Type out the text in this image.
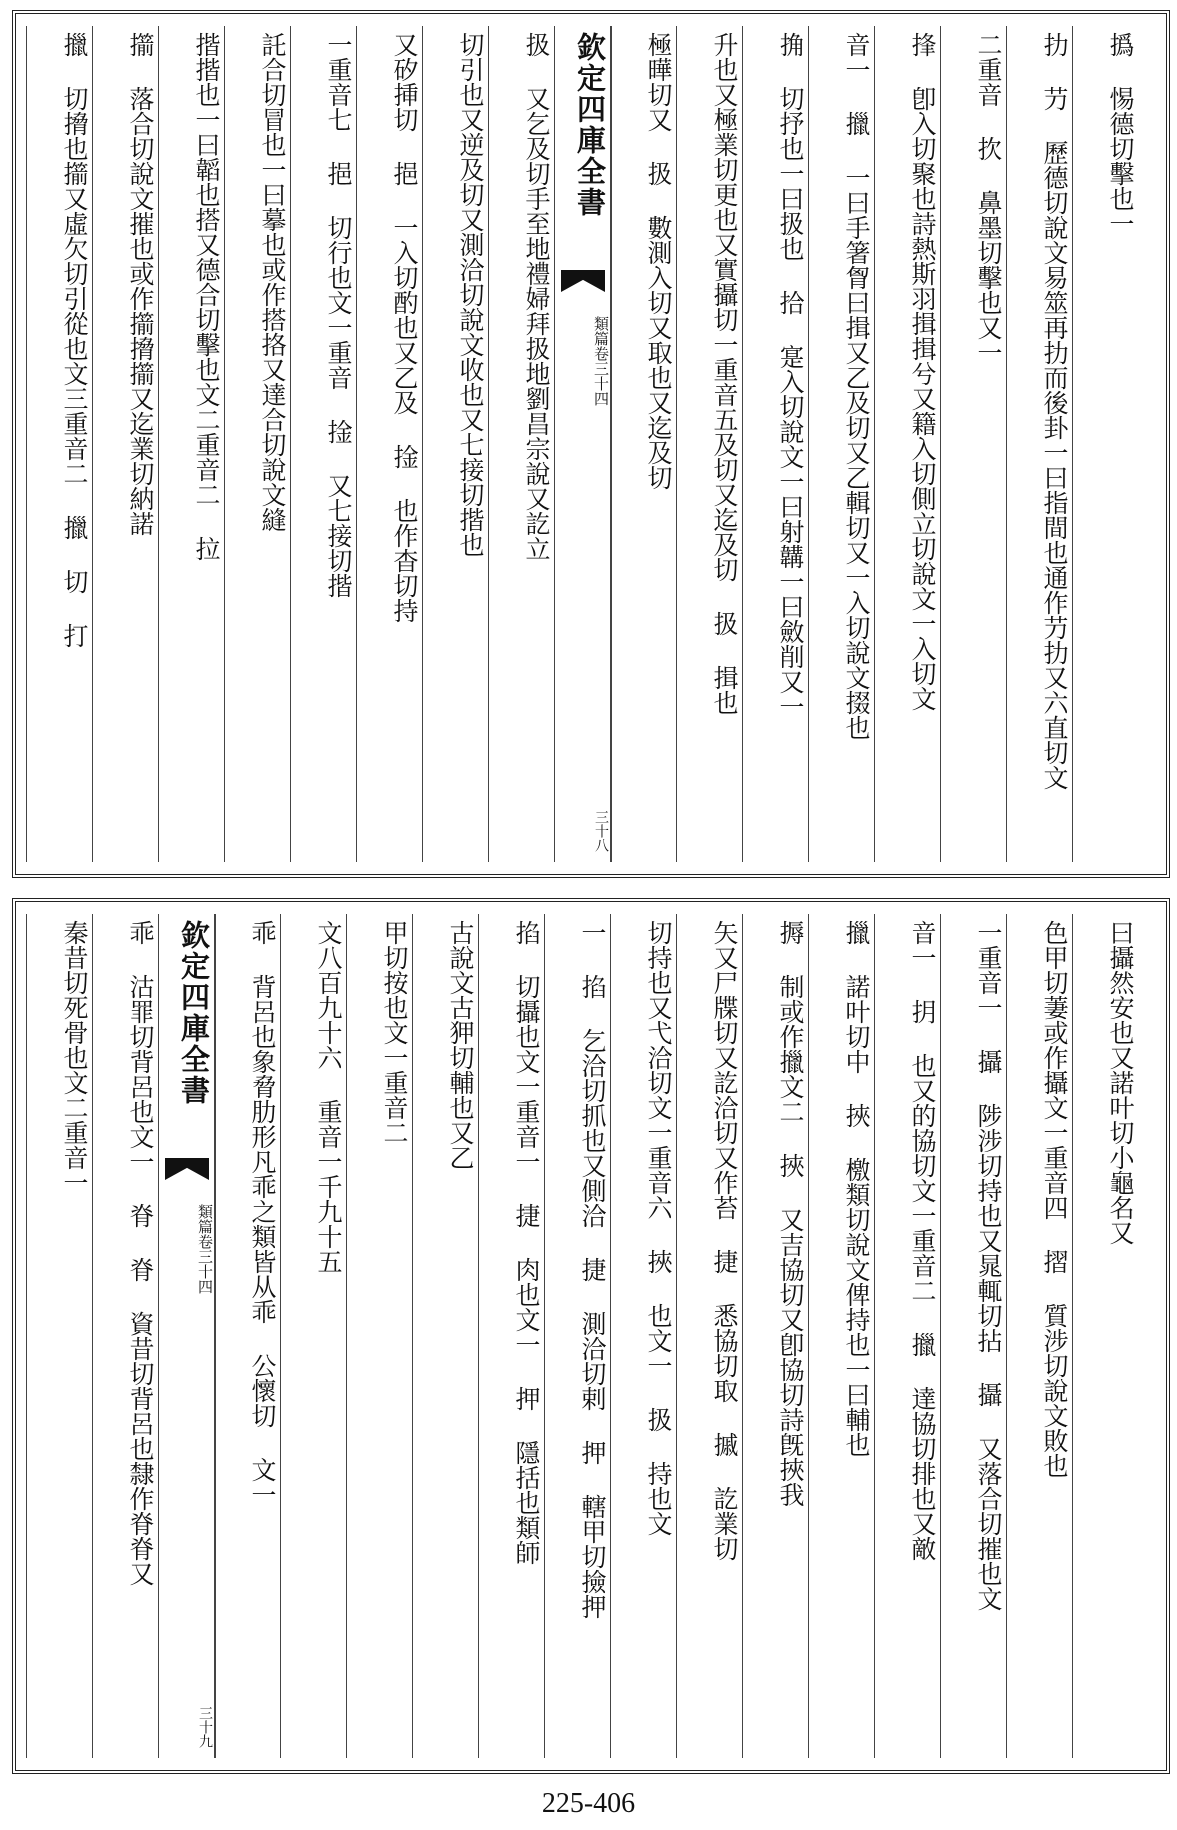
撝 惕德切擊也一
扐 芀 歷德切說文易筮再扐而後卦一曰指間也通作芀扐又六直切文
二重音 扻 鼻墨切擊也又一
捀 卽入切聚也詩熱斯羽揖揖兮又籍入切側立切說文一入切文
音一 擸 一曰手箸胷曰揖又乙及切又乙輯切又一入切說文掇也
捔 切抒也一曰扱也 拾 寔入切說文一曰射韝一曰斂削又一
升也又極業切更也又實攝切一重音五及切又迄及切 扱 揖也
極曄切又 扱 數測入切又取也又迄及切
欽定四庫全書
類篇卷三十四
三十八
扱 又乞及切手至地禮婦拜扱地劉昌宗說又訖立
切引也又逆及切又測洽切說文收也又七接切揩也
又矽挿切 挹 一入切酌也又乙及 捦 也作杳切持
一重音七 挹 切行也文一重音 捦 又七接切揩
託合切冒也一曰摹也或作搭挌又達合切說文縫
揩揩也一曰韜也搭又德合切擊也文二重音二 拉
擶 落合切說文摧也或作擶搚擶又迄業切納諾
擸 切搚也擶又虛欠切引從也文三重音二 擸 切 打
曰攝然安也又諾叶切小龜名又
色甲切萋或作攝文一重音四 摺 質涉切說文敗也
一重音一 攝 陟涉切持也又晁輒切拈 攝 又落合切摧也文
音一 抈 也又的協切文一重音二 擸 達協切排也又敵
擸 諾叶切中 挾 檄類切說文俾持也一曰輔也
搙 制或作擸文二 挾 又吉協切又卽協切詩旣挾我
矢又尸牒切又訖洽切又作苔 捷 悉協切取 摵 訖業切
切持也又弋洽切文一重音六 挾 也文一 扱 持也文
一 掐 乞洽切抓也又側洽 捷 測洽切剌 押 轄甲切撿押
掐 切攝也文一重音一 捷 肉也文一 押 隱括也類師
古說文古狎切輔也又乙
甲切按也文一重音二
文八百九十六 重音一千九十五
乖 背呂也象脅肋形凡乖之類皆从乖 公懷切 文一
欽定四庫全書
類篇卷三十四
三十九
乖 沽罪切背呂也文一 脊 脊 資昔切背呂也隸作脊脊又
秦昔切死骨也文二重音一
225-406
